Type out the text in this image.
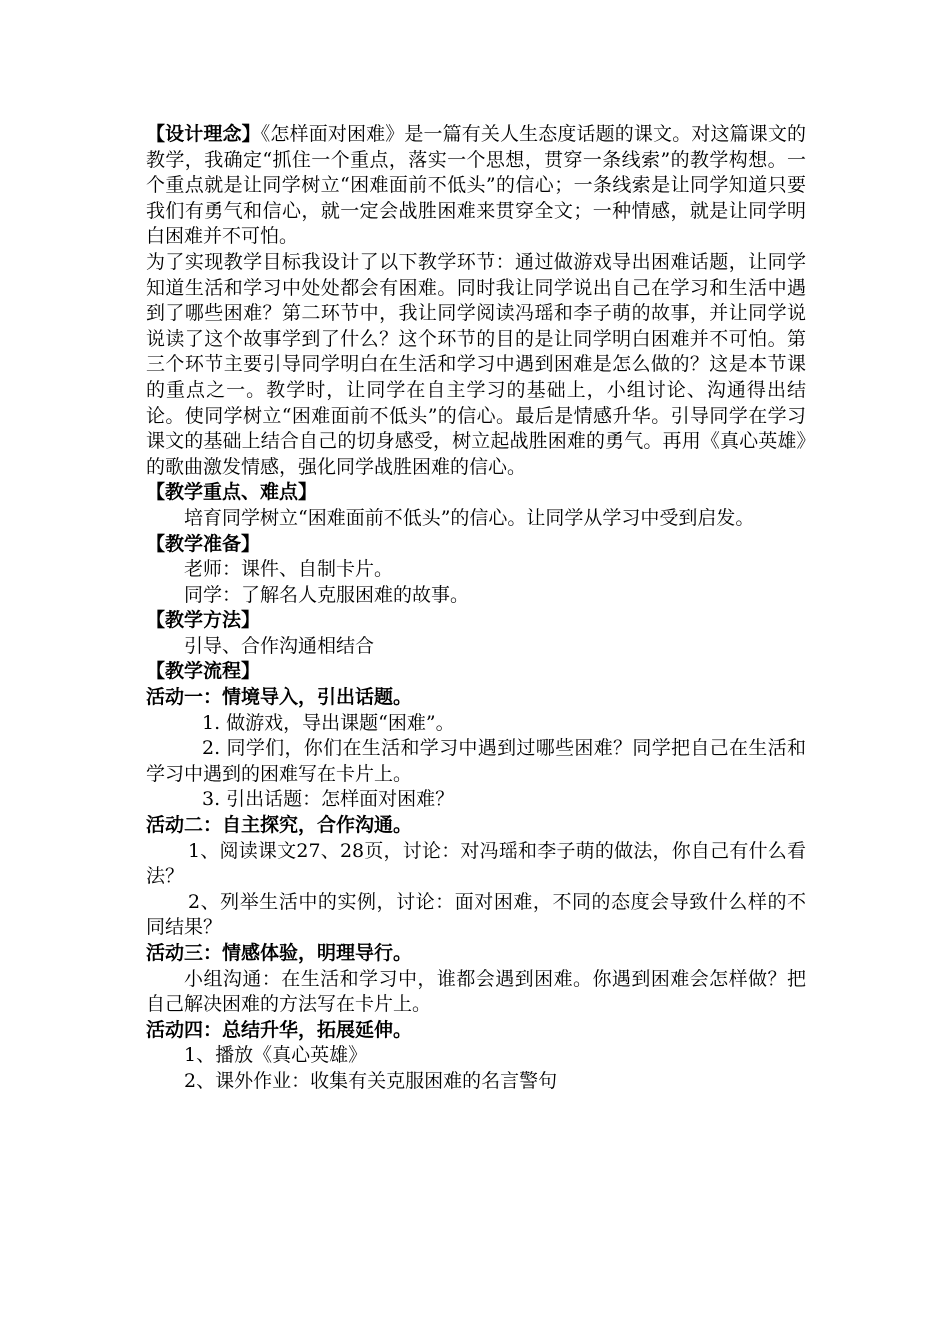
【设计理念】《怎样面对困难》是一篇有关人生态度话题的课文。对这篇课文的教学，我确定“抓住一个重点，落实一个思想，贯穿一条线索”的教学构想。一个重点就是让同学树立“困难面前不低头”的信心；一条线索是让同学知道只要我们有勇气和信心，就一定会战胜困难来贯穿全文；一种情感，就是让同学明白困难并不可怕。

为了实现教学目标我设计了以下教学环节：通过做游戏导出困难话题，让同学知道生活和学习中处处都会有困难。同时我让同学说出自己在学习和生活中遇到了哪些困难？第二环节中，我让同学阅读冯瑶和李子萌的故事，并让同学说说读了这个故事学到了什么？这个环节的目的是让同学明白困难并不可怕。第三个环节主要引导同学明白在生活和学习中遇到困难是怎么做的？这是本节课的重点之一。教学时，让同学在自主学习的基础上，小组讨论、沟通得出结论。使同学树立“困难面前不低头”的信心。最后是情感升华。引导同学在学习课文的基础上结合自己的切身感受，树立起战胜困难的勇气。再用《真心英雄》的歌曲激发情感，强化同学战胜困难的信心。

【教学重点、难点】

培育同学树立“困难面前不低头”的信心。让同学从学习中受到启发。

【教学准备】

老师：课件、自制卡片。

同学：了解名人克服困难的故事。

【教学方法】

引导、合作沟通相结合

【教学流程】

活动一：情境导入，引出话题。

1. 做游戏，导出课题“困难”。

2. 同学们，你们在生活和学习中遇到过哪些困难？同学把自己在生活和学习中遇到的困难写在卡片上。

3. 引出话题：怎样面对困难？

活动二：自主探究，合作沟通。

1、阅读课文27、28页，讨论：对冯瑶和李子萌的做法，你自己有什么看法？

2、列举生活中的实例，讨论：面对困难，不同的态度会导致什么样的不同结果？

活动三：情感体验，明理导行。

小组沟通：在生活和学习中，谁都会遇到困难。你遇到困难会怎样做？把自己解决困难的方法写在卡片上。

活动四：总结升华，拓展延伸。

1、播放《真心英雄》

2、课外作业：收集有关克服困难的名言警句
